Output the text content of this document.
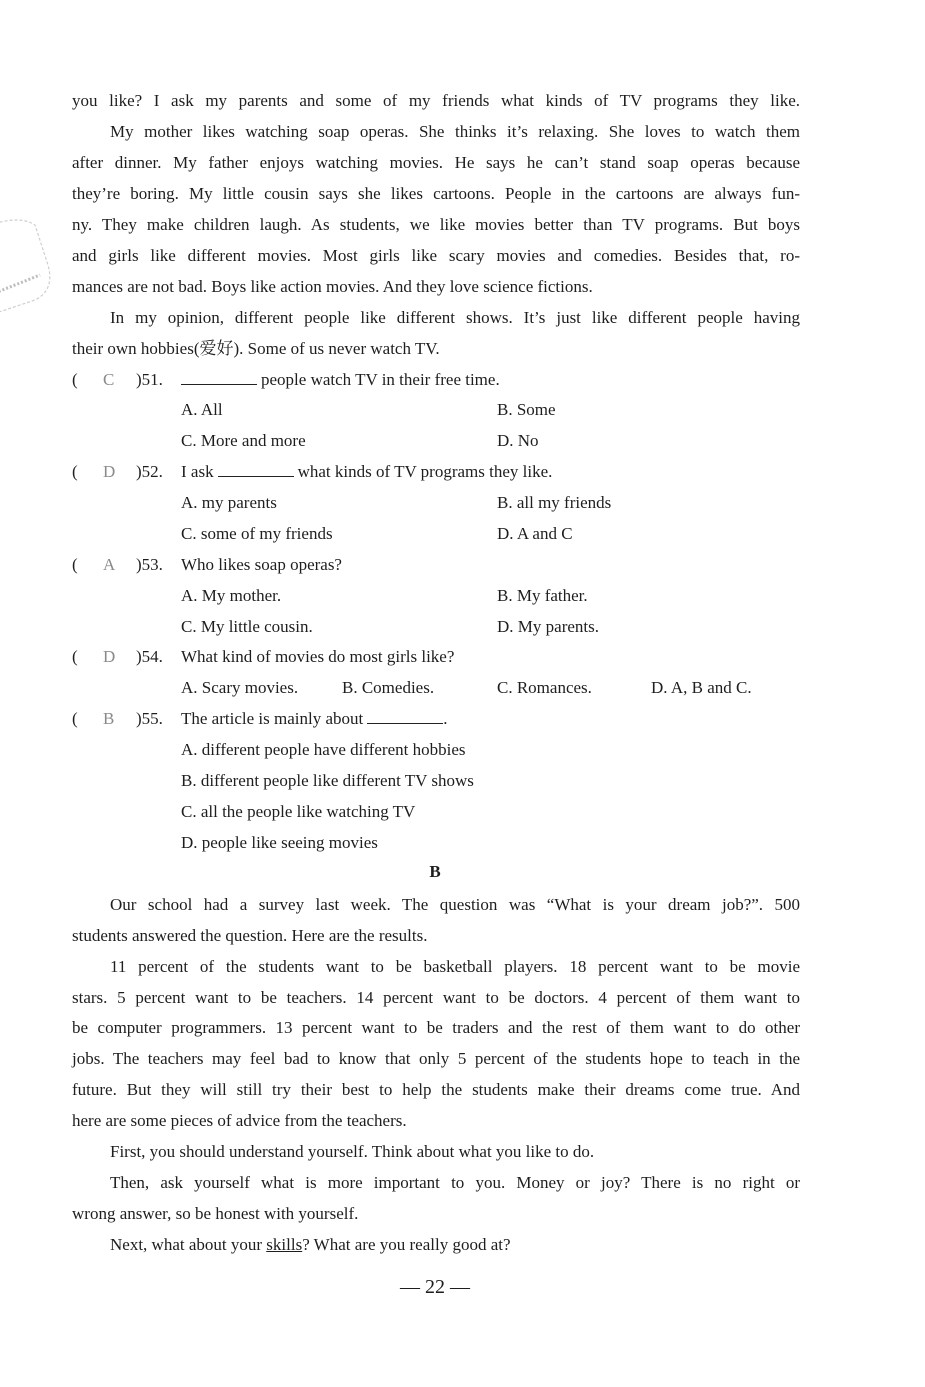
you like? I ask my parents and some of my friends what kinds of TV programs they like.
My mother likes watching soap operas. She thinks it’s relaxing. She loves to watch them
after dinner. My father enjoys watching movies. He says he can’t stand soap operas because
they’re boring. My little cousin says she likes cartoons. People in the cartoons are always fun-
ny. They make children laugh. As students, we like movies better than TV programs. But boys
and girls like different movies. Most girls like scary movies and comedies. Besides that, ro-
mances are not bad. Boys like action movies. And they love science fictions.
In my opinion, different people like different shows. It’s just like different people having
their own hobbies(爱好). Some of us never watch TV.
( C )51.	people watch TV in their free time.
A. All	B. Some
C. More and more	D. No
( D )52. I ask	what kinds of TV programs they like.
A. my parents	B. all my friends
C. some of my friends	D. A and C
( A )53. Who likes soap operas?
A. My mother.	B. My father.
C. My little cousin.	D. My parents.
( D )54. What kind of movies do most girls like?
A. Scary movies.	B. Comedies.	C. Romances.	D. A, B and C.
( B )55. The article is mainly about	.
A. different people have different hobbies
B. different people like different TV shows
C. all the people like watching TV
D. people like seeing movies
B
Our school had a survey last week. The question was “What is your dream job?”. 500
students answered the question. Here are the results.
11 percent of the students want to be basketball players. 18 percent want to be movie
stars. 5 percent want to be teachers. 14 percent want to be doctors. 4 percent of them want to
be computer programmers. 13 percent want to be traders and the rest of them want to do other
jobs. The teachers may feel bad to know that only 5 percent of the students hope to teach in the
future. But they will still try their best to help the students make their dreams come true. And
here are some pieces of advice from the teachers.
First, you should understand yourself. Think about what you like to do.
Then, ask yourself what is more important to you. Money or joy? There is no right or
wrong answer, so be honest with yourself.
Next, what about your skills? What are you really good at?
— 22 —
